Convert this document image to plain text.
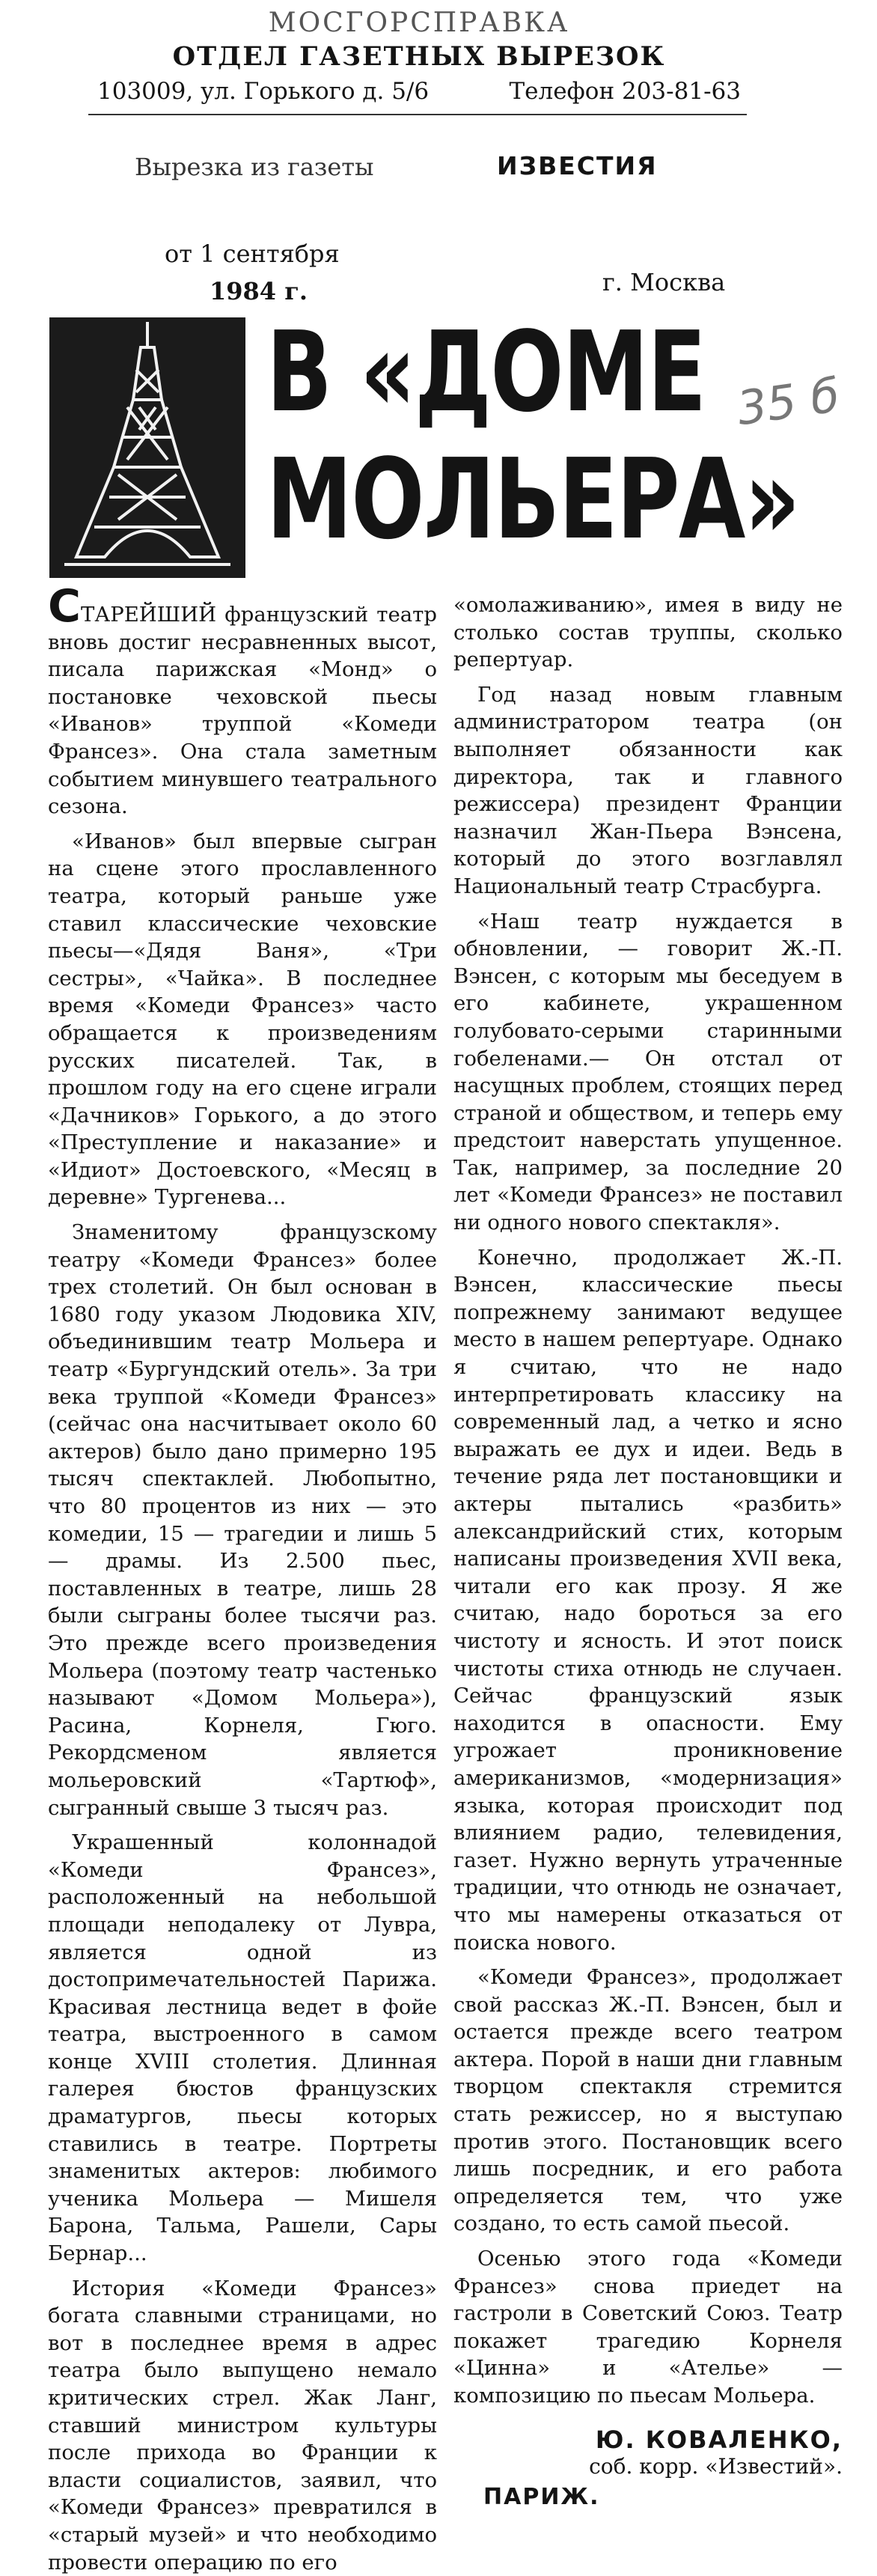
МОСГОРСПРАВКА
ОТДЕЛ ГАЗЕТНЫХ ВЫРЕЗОК
103009, ул. Горького д. 5/6	Телефон 203-81-63
Вырезка из газеты	ИЗВЕСТИЯ
от 1 сентября
1984 г.	г. Москва
35 б
В «ДОМЕ
МОЛЬЕРА»

СТАРЕЙШИЙ французский театр вновь достиг несравненных высот, писала парижская «Монд» о постановке чеховской пьесы «Иванов» труппой «Комеди Франсез». Она стала заметным событием минувшего театрального сезона.

«Иванов» был впервые сыгран на сцене этого прославленного театра, который раньше уже ставил классические чеховские пьесы—«Дядя Ваня», «Три сестры», «Чайка». В последнее время «Комеди Франсез» часто обращается к произведениям русских писателей. Так, в прошлом году на его сцене играли «Дачников» Горького, а до этого «Преступление и наказание» и «Идиот» Достоевского, «Месяц в деревне» Тургенева...

Знаменитому французскому театру «Комеди Франсез» более трех столетий. Он был основан в 1680 году указом Людовика XIV, объединившим театр Мольера и театр «Бургундский отель». За три века труппой «Комеди Франсез» (сейчас она насчитывает около 60 актеров) было дано примерно 195 тысяч спектаклей. Любопытно, что 80 процентов из них — это комедии, 15 — трагедии и лишь 5 — драмы. Из 2.500 пьес, поставленных в театре, лишь 28 были сыграны более тысячи раз. Это прежде всего произведения Мольера (поэтому театр частенько называют «Домом Мольера»), Расина, Корнеля, Гюго. Рекордсменом является мольеровский «Тартюф», сыгранный свыше 3 тысяч раз.

Украшенный колоннадой «Комеди Франсез», расположенный на небольшой площади неподалеку от Лувра, является одной из достопримечательностей Парижа. Красивая лестница ведет в фойе театра, выстроенного в самом конце XVIII столетия. Длинная галерея бюстов французских драматургов, пьесы которых ставились в театре. Портреты знаменитых актеров: любимого ученика Мольера — Мишеля Барона, Тальма, Рашели, Сары Бернар...

История «Комеди Франсез» богата славными страницами, но вот в последнее время в адрес театра было выпущено немало критических стрел. Жак Ланг, ставший министром культуры после прихода во Франции к власти социалистов, заявил, что «Комеди Франсез» превратился в «старый музей» и что необходимо провести операцию по его

«омолаживанию», имея в виду не столько состав труппы, сколько репертуар.

Год назад новым главным администратором театра (он выполняет обязанности как директора, так и главного режиссера) президент Франции назначил Жан-Пьера Вэнсена, который до этого возглавлял Национальный театр Страсбурга.

«Наш театр нуждается в обновлении, — говорит Ж.-П. Вэнсен, с которым мы беседуем в его кабинете, украшенном голубовато-серыми старинными гобеленами.— Он отстал от насущных проблем, стоящих перед страной и обществом, и теперь ему предстоит наверстать упущенное. Так, например, за последние 20 лет «Комеди Франсез» не поставил ни одного нового спектакля».

Конечно, продолжает Ж.-П. Вэнсен, классические пьесы попрежнему занимают ведущее место в нашем репертуаре. Однако я считаю, что не надо интерпретировать классику на современный лад, а четко и ясно выражать ее дух и идеи. Ведь в течение ряда лет постановщики и актеры пытались «разбить» александрийский стих, которым написаны произведения XVII века, читали его как прозу. Я же считаю, надо бороться за его чистоту и ясность. И этот поиск чистоты стиха отнюдь не случаен. Сейчас французский язык находится в опасности. Ему угрожает проникновение американизмов, «модернизация» языка, которая происходит под влиянием радио, телевидения, газет. Нужно вернуть утраченные традиции, что отнюдь не означает, что мы намерены отказаться от поиска нового.

«Комеди Франсез», продолжает свой рассказ Ж.-П. Вэнсен, был и остается прежде всего театром актера. Порой в наши дни главным творцом спектакля стремится стать режиссер, но я выступаю против этого. Постановщик всего лишь посредник, и его работа определяется тем, что уже создано, то есть самой пьесой.

Осенью этого года «Комеди Франсез» снова приедет на гастроли в Советский Союз. Театр покажет трагедию Корнеля «Цинна» и «Ателье» — композицию по пьесам Мольера.

Ю. КОВАЛЕНКО,
соб. корр. «Известий».
ПАРИЖ.
